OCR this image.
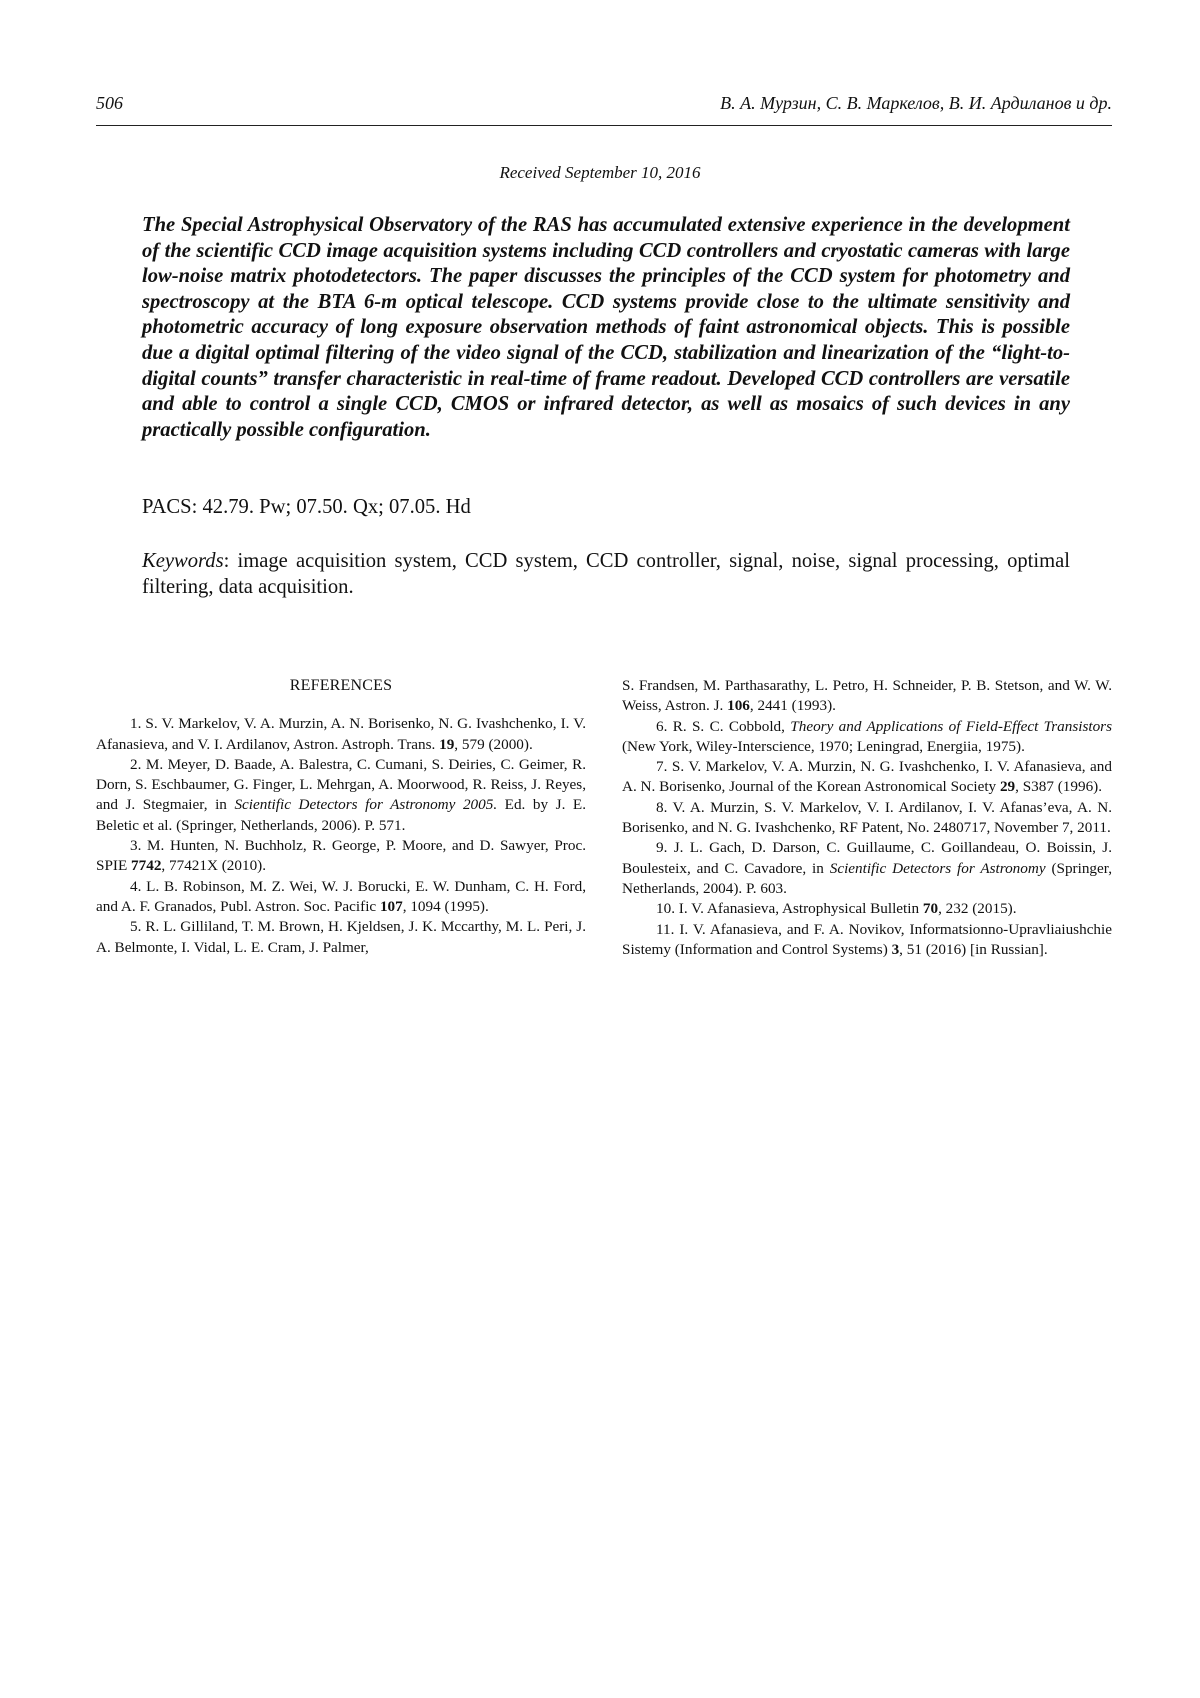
506	В. А. Мурзин, С. В. Маркелов, В. И. Ардиланов и др.
Received September 10, 2016
The Special Astrophysical Observatory of the RAS has accumulated extensive experience in the development of the scientific CCD image acquisition systems including CCD controllers and cryostatic cameras with large low-noise matrix photodetectors. The paper discusses the principles of the CCD system for photometry and spectroscopy at the BTA 6-m optical telescope. CCD systems provide close to the ultimate sensitivity and photometric accuracy of long exposure observation methods of faint astronomical objects. This is possible due a digital optimal filtering of the video signal of the CCD, stabilization and linearization of the “light-to-digital counts” transfer characteristic in real-time of frame readout. Developed CCD controllers are versatile and able to control a single CCD, CMOS or infrared detector, as well as mosaics of such devices in any practically possible configuration.
PACS: 42.79. Pw; 07.50. Qx; 07.05. Hd
Keywords: image acquisition system, CCD system, CCD controller, signal, noise, signal processing, optimal filtering, data acquisition.
REFERENCES

1. S. V. Markelov, V. A. Murzin, A. N. Borisenko, N. G. Ivashchenko, I. V. Afanasieva, and V. I. Ardilanov, Astron. Astroph. Trans. 19, 579 (2000).

2. M. Meyer, D. Baade, A. Balestra, C. Cumani, S. Deiries, C. Geimer, R. Dorn, S. Eschbaumer, G. Finger, L. Mehrgan, A. Moorwood, R. Reiss, J. Reyes, and J. Stegmaier, in Scientific Detectors for Astronomy 2005. Ed. by J. E. Beletic et al. (Springer, Netherlands, 2006). P. 571.

3. M. Hunten, N. Buchholz, R. George, P. Moore, and D. Sawyer, Proc. SPIE 7742, 77421X (2010).

4. L. B. Robinson, M. Z. Wei, W. J. Borucki, E. W. Dunham, C. H. Ford, and A. F. Granados, Publ. Astron. Soc. Pacific 107, 1094 (1995).

5. R. L. Gilliland, T. M. Brown, H. Kjeldsen, J. K. Mccarthy, M. L. Peri, J. A. Belmonte, I. Vidal, L. E. Cram, J. Palmer,

S. Frandsen, M. Parthasarathy, L. Petro, H. Schneider, P. B. Stetson, and W. W. Weiss, Astron. J. 106, 2441 (1993).

6. R. S. C. Cobbold, Theory and Applications of Field-Effect Transistors (New York, Wiley-Interscience, 1970; Leningrad, Energiia, 1975).

7. S. V. Markelov, V. A. Murzin, N. G. Ivashchenko, I. V. Afanasieva, and A. N. Borisenko, Journal of the Korean Astronomical Society 29, S387 (1996).

8. V. A. Murzin, S. V. Markelov, V. I. Ardilanov, I. V. Afanas’eva, A. N. Borisenko, and N. G. Ivashchenko, RF Patent, No. 2480717, November 7, 2011.

9. J. L. Gach, D. Darson, C. Guillaume, C. Goillandeau, O. Boissin, J. Boulesteix, and C. Cavadore, in Scientific Detectors for Astronomy (Springer, Netherlands, 2004). P. 603.

10. I. V. Afanasieva, Astrophysical Bulletin 70, 232 (2015).

11. I. V. Afanasieva, and F. A. Novikov, Informatsionno-Upravliaiushchie Sistemy (Information and Control Systems) 3, 51 (2016) [in Russian].
